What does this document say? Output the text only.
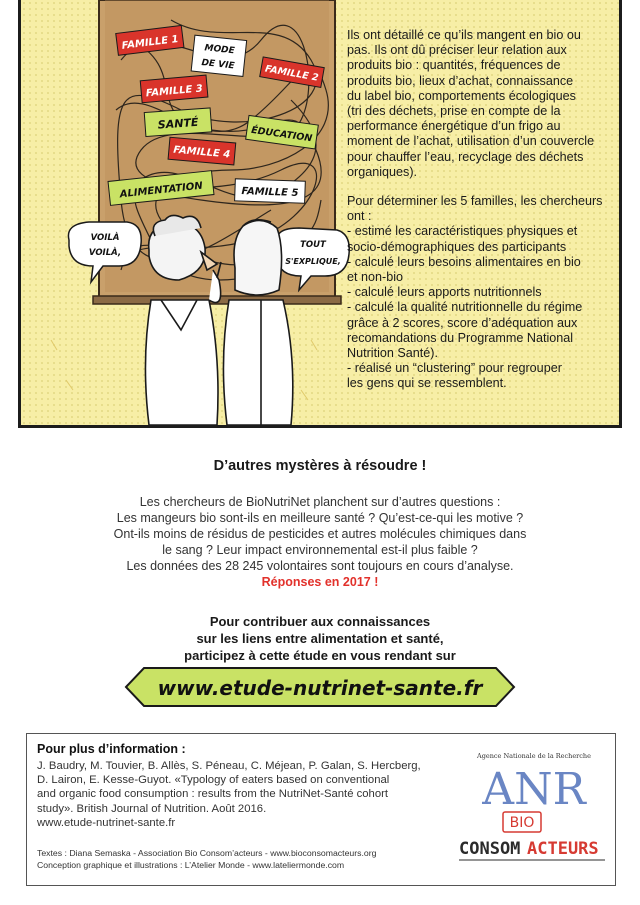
FAMILLE 1	MODE
DE VIE	FAMILLE 2
FAMILLE 3
SANTÉ
ÉDUCATION
FAMILLE 4
ALIMENTATION	FAMILLE 5
VOILÀ
VOILÀ,
TOUT
S'EXPLIQUE,

Ils ont détaillé ce qu’ils mangent en bio ou
pas. Ils ont dû préciser leur relation aux
produits bio : quantités, fréquences de
produits bio, lieux d’achat, connaissance
du label bio, comportements écologiques
(tri des déchets, prise en compte de la
performance énergétique d’un frigo au
moment de l’achat, utilisation d’un couvercle
pour chauffer l’eau, recyclage des déchets
organiques).

Pour déterminer les 5 familles, les chercheurs
ont :
- estimé les caractéristiques physiques et
socio-démographiques des participants
- calculé leurs besoins alimentaires en bio
et non-bio
- calculé leurs apports nutritionnels
- calculé la qualité nutritionnelle du régime
grâce à 2 scores, score d’adéquation aux
recomandations du Programme National
Nutrition Santé).
- réalisé un “clustering” pour regrouper
les gens qui se ressemblent.

D’autres mystères à résoudre !
Les chercheurs de BioNutriNet planchent sur d’autres questions :
Les mangeurs bio sont-ils en meilleure santé ? Qu’est-ce-qui les motive ?
Ont-ils moins de résidus de pesticides et autres molécules chimiques dans
le sang ? Leur impact environnemental est-il plus faible ?
Les données des 28 245 volontaires sont toujours en cours d’analyse.
Réponses en 2017 !
Pour contribuer aux connaissances
sur les liens entre alimentation et santé,
participez à cette étude en vous rendant sur
www.etude-nutrinet-sante.fr
Pour plus d’information :
J. Baudry, M. Touvier, B. Allès, S. Péneau, C. Méjean, P. Galan, S. Hercberg,
D. Lairon, E. Kesse-Guyot. «Typology of eaters based on conventional
and organic food consumption : results from the NutriNet-Santé cohort
study». British Journal of Nutrition. Août 2016.
www.etude-nutrinet-sante.fr
Textes : Diana Semaska - Association Bio Consom’acteurs - www.bioconsomacteurs.org
Conception graphique et illustrations : L’Atelier Monde - www.lateliermonde.com
Agence Nationale de la Recherche
ANR
BIO
CONSOM ACTEURS
